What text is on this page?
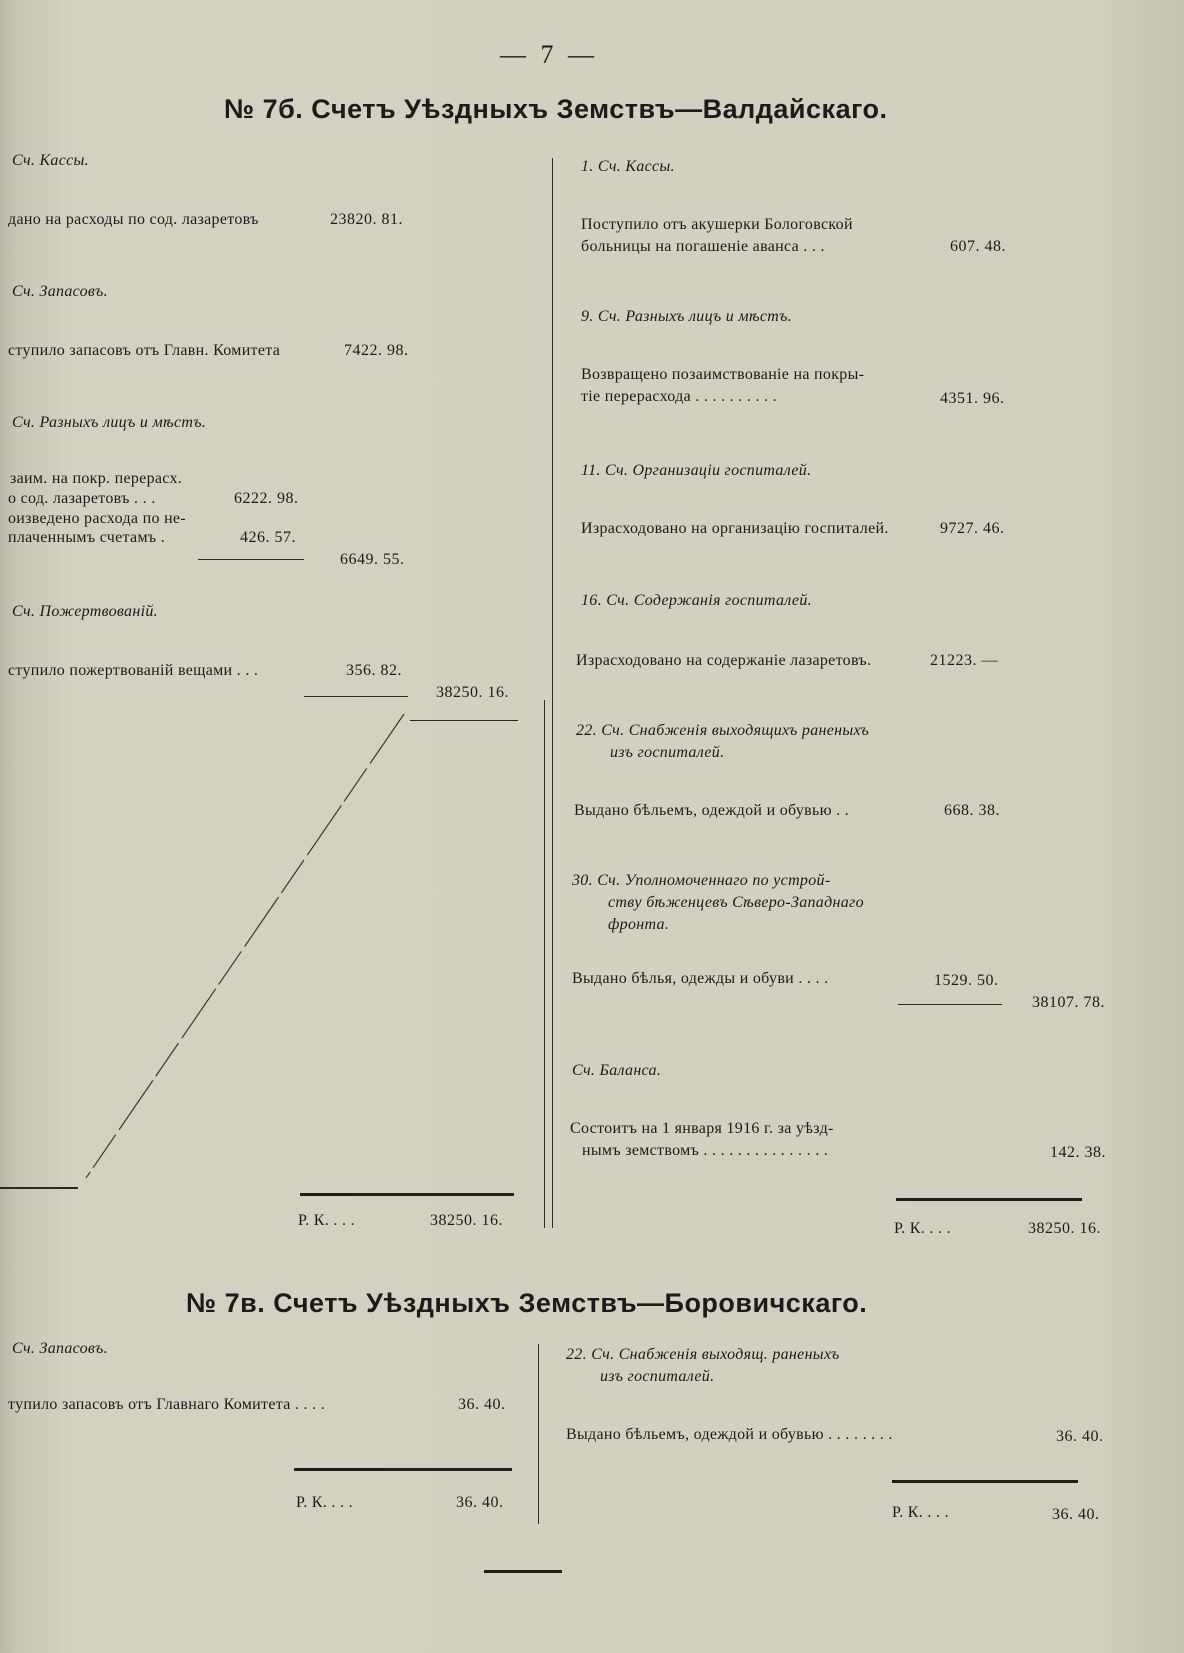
— 7 —
№ 7б. Счетъ Уѣздныхъ Земствъ—Валдайскаго.
Сч. Кассы.
дано на расходы по сод. лазаретовъ	23820. 81.
Сч. Запасовъ.
ступило запасовъ отъ Главн. Комитета	7422. 98.
Сч. Разныхъ лицъ и мѣстъ.
заим. на покр. перерасх.
о сод. лазаретовъ . . .	6222. 98.
оизведено расхода по не-
плаченнымъ счетамъ .	426. 57.
6649. 55.
Сч. Пожертвованій.
ступило пожертвованій вещами . . .	356. 82.
38250. 16.
Р. К. . . .	38250. 16.
1. Сч. Кассы.
Поступило отъ акушерки Бологовской
больницы на погашеніе аванса . . .	607. 48.
9. Сч. Разныхъ лицъ и мѣстъ.
Возвращено позаимствованіе на покры-
тіе перерасхода . . . . . . . . . .	4351. 96.
11. Сч. Организаціи госпиталей.
Израсходовано на организацію госпиталей.	9727. 46.
16. Сч. Содержанія госпиталей.
Израсходовано на содержаніе лазаретовъ.	21223. —
22. Сч. Снабженія выходящихъ раненыхъ
изъ госпиталей.
Выдано бѣльемъ, одеждой и обувью . .	668. 38.
30. Сч. Уполномоченнаго по устрой-
ству бѣженцевъ Сѣверо-Западнаго
фронта.
Выдано бѣлья, одежды и обуви . . . .	1529. 50.
38107. 78.
Сч. Баланса.
Состоитъ на 1 января 1916 г. за уѣзд-
нымъ земствомъ . . . . . . . . . . . . . . .	142. 38.
Р. К. . . .	38250. 16.
№ 7в. Счетъ Уѣздныхъ Земствъ—Боровичскаго.
Сч. Запасовъ.
тупило запасовъ отъ Главнаго Комитета . . . .	36. 40.
Р. К. . . .	36. 40.
22. Сч. Снабженія выходящ. раненыхъ
изъ госпиталей.
Выдано бѣльемъ, одеждой и обувью . . . . . . . .	36. 40.
Р. К. . . .	36. 40.
